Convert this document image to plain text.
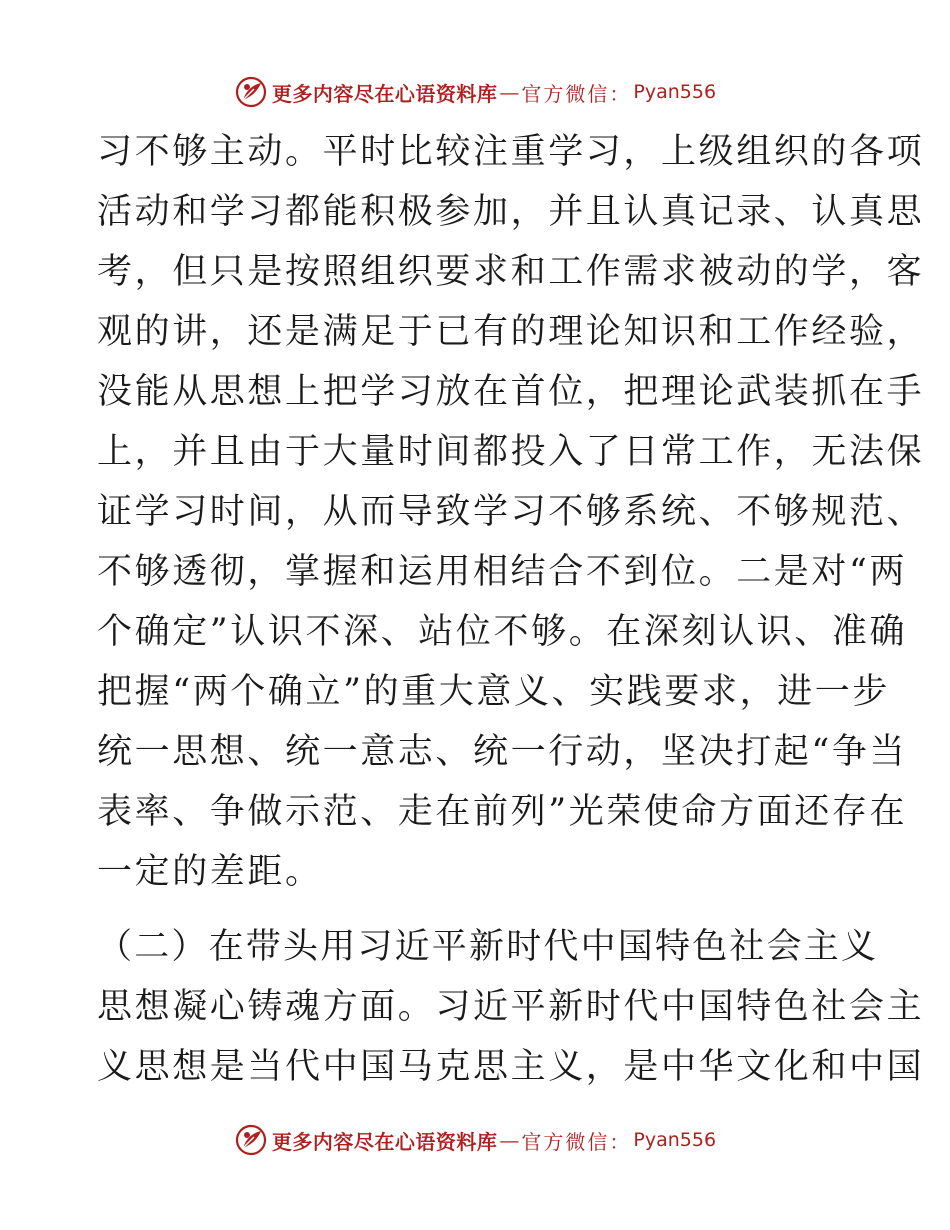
更多内容尽在心语资料库 — 官方微信： Pyan556
习不够主动。平时比较注重学习，上级组织的各项
活动和学习都能积极参加，并且认真记录、认真思
考，但只是按照组织要求和工作需求被动的学，客
观的讲，还是满足于已有的理论知识和工作经验，
没能从思想上把学习放在首位，把理论武装抓在手
上，并且由于大量时间都投入了日常工作，无法保
证学习时间，从而导致学习不够系统、不够规范、
不够透彻，掌握和运用相结合不到位。二是对“两
个确定”认识不深、站位不够。在深刻认识、准确
把握“两个确立”的重大意义、实践要求，进一步
统一思想、统一意志、统一行动，坚决打起“争当
表率、争做示范、走在前列”光荣使命方面还存在
一定的差距。
（二）在带头用习近平新时代中国特色社会主义
思想凝心铸魂方面。习近平新时代中国特色社会主
义思想是当代中国马克思主义，是中华文化和中国
更多内容尽在心语资料库 — 官方微信： Pyan556
